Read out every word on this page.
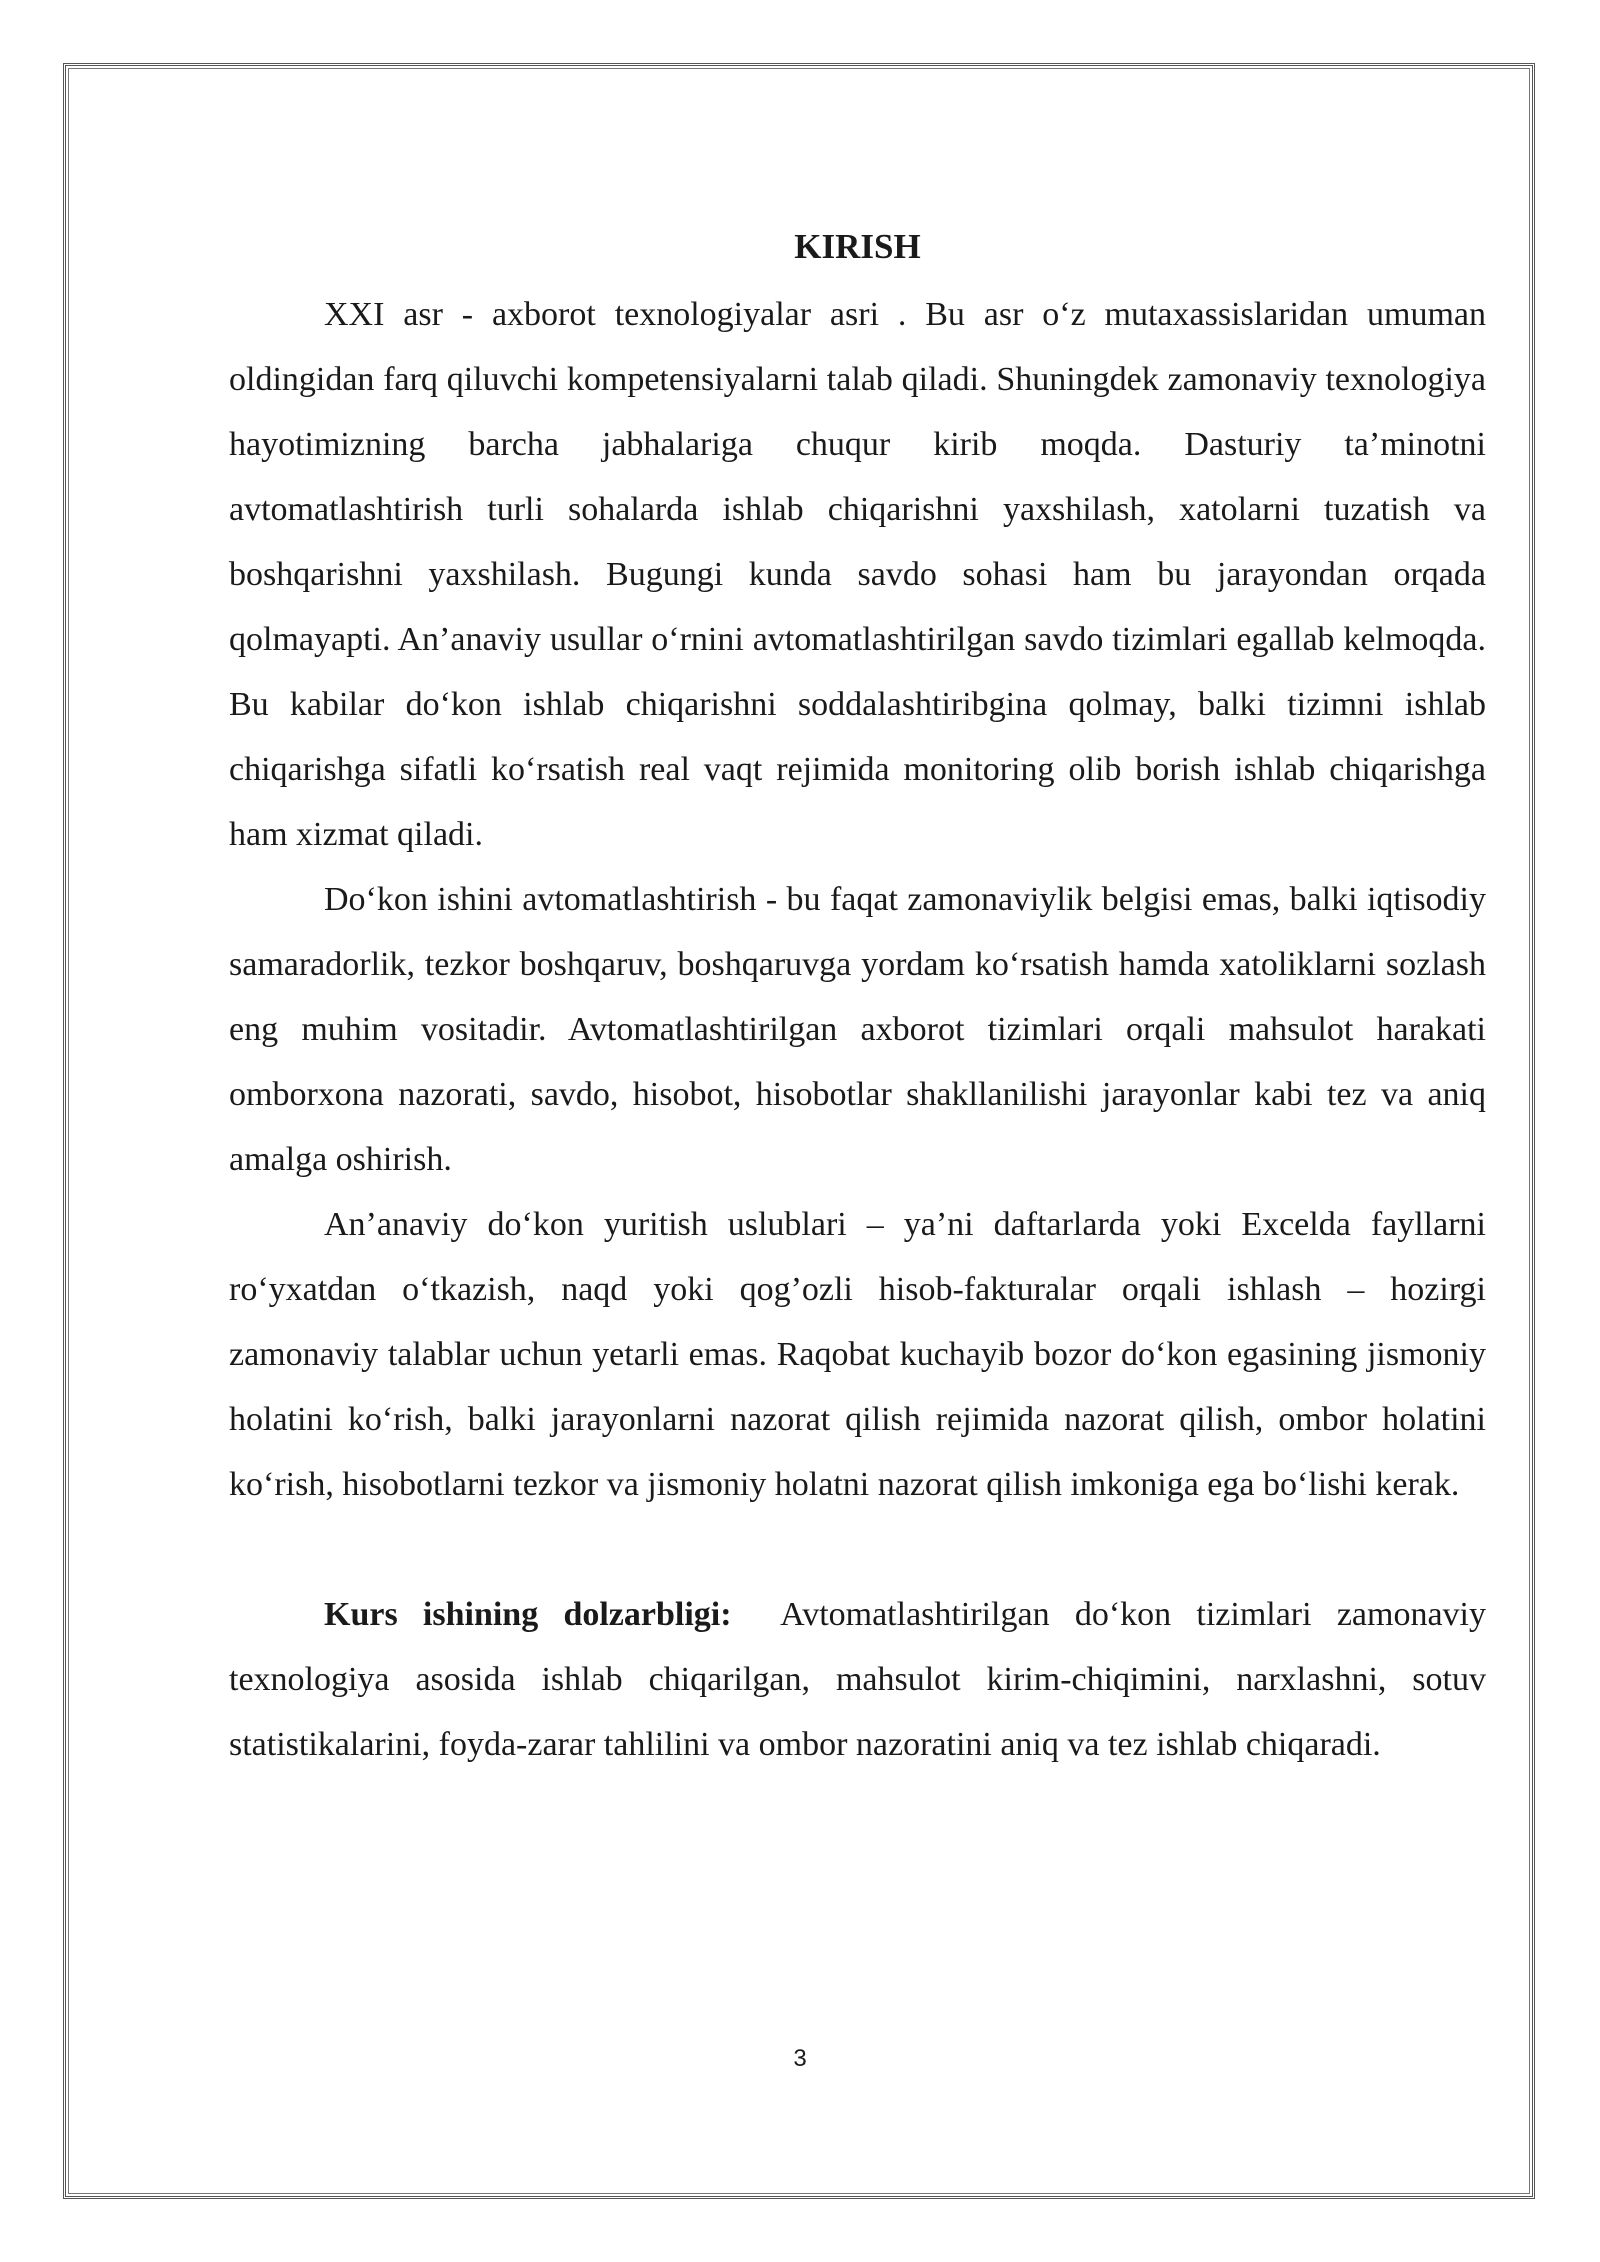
KIRISH

XXI asr - axborot texnologiyalar asri . Bu asr o‘z mutaxassislaridan umuman oldingidan farq qiluvchi kompetensiyalarni talab qiladi. Shuningdek zamonaviy texnologiya hayotimizning barcha jabhalariga chuqur kirib moqda. Dasturiy ta’minotni avtomatlashtirish turli sohalarda ishlab chiqarishni yaxshilash, xatolarni tuzatish va boshqarishni yaxshilash. Bugungi kunda savdo sohasi ham bu jarayondan orqada qolmayapti. An’anaviy usullar o‘rnini avtomatlashtirilgan savdo tizimlari egallab kelmoqda. Bu kabilar do‘kon ishlab chiqarishni soddalashtiribgina qolmay, balki tizimni ishlab chiqarishga sifatli ko‘rsatish real vaqt rejimida monitoring olib borish ishlab chiqarishga ham xizmat qiladi.

Do‘kon ishini avtomatlashtirish - bu faqat zamonaviylik belgisi emas, balki iqtisodiy samaradorlik, tezkor boshqaruv, boshqaruvga yordam ko‘rsatish hamda xatoliklarni sozlash eng muhim vositadir. Avtomatlashtirilgan axborot tizimlari orqali mahsulot harakati omborxona nazorati, savdo, hisobot, hisobotlar shakllanilishi jarayonlar kabi tez va aniq amalga oshirish.

An’anaviy do‘kon yuritish uslublari – ya’ni daftarlarda yoki Excelda fayllarni ro‘yxatdan o‘tkazish, naqd yoki qog’ozli hisob-fakturalar orqali ishlash – hozirgi zamonaviy talablar uchun yetarli emas. Raqobat kuchayib bozor do‘kon egasining jismoniy holatini ko‘rish, balki jarayonlarni nazorat qilish rejimida nazorat qilish, ombor holatini ko‘rish, hisobotlarni tezkor va jismoniy holatni nazorat qilish imkoniga ega bo‘lishi kerak.

Kurs ishining dolzarbligi: Avtomatlashtirilgan do‘kon tizimlari zamonaviy texnologiya asosida ishlab chiqarilgan, mahsulot kirim-chiqimini, narxlashni, sotuv statistikalarini, foyda-zarar tahlilini va ombor nazoratini aniq va tez ishlab chiqaradi.

3
